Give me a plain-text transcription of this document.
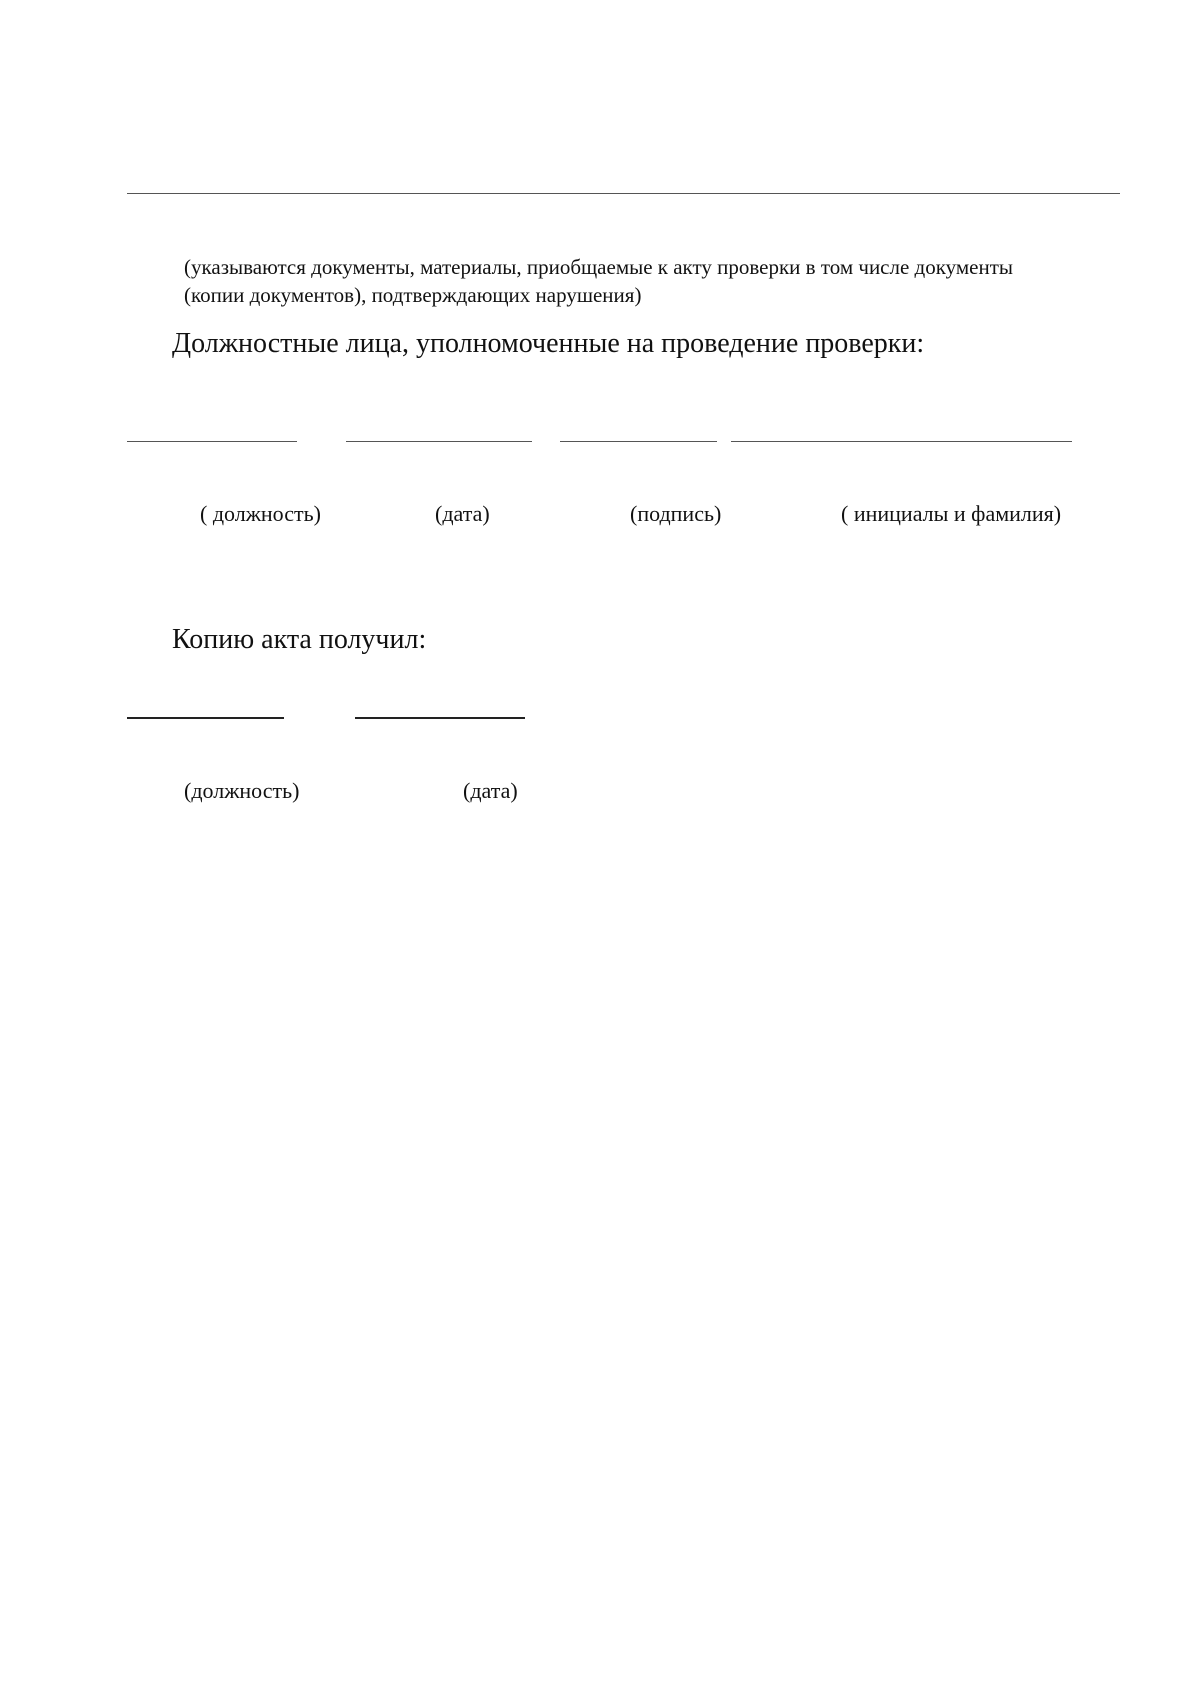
(указываются документы, материалы, приобщаемые к акту проверки в том числе документы
(копии документов), подтверждающих нарушения)
Должностные лица, уполномоченные на проведение проверки:
( должность)	(дата)	(подпись)	( инициалы и фамилия)
Копию акта получил:
(должность)	(дата)
